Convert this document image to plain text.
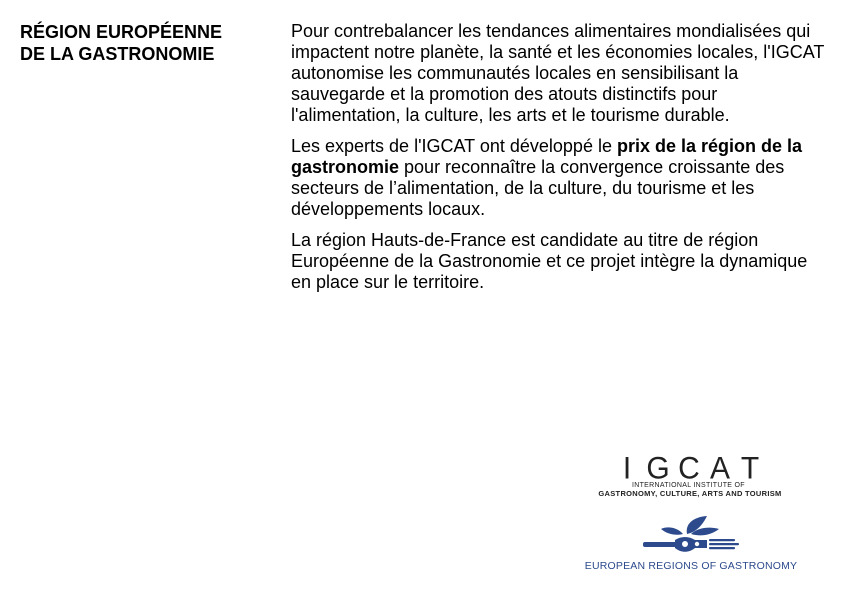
RÉGION EUROPÉENNE
DE LA GASTRONOMIE

Pour contrebalancer les tendances alimentaires mondialisées qui impactent notre planète, la santé et les économies locales, l'IGCAT autonomise les communautés locales en sensibilisant la sauvegarde et la promotion des atouts distinctifs pour l'alimentation, la culture, les arts et le tourisme durable.

Les experts de l'IGCAT ont développé le prix de la région de la gastronomie pour reconnaître la convergence croissante des secteurs de l’alimentation, de la culture, du tourisme et les développements locaux.

La région Hauts-de-France est candidate au titre de région Européenne de la Gastronomie et ce projet intègre la dynamique en place sur le territoire.

I G C A T
INTERNATIONAL INSTITUTE OF
GASTRONOMY, CULTURE, ARTS AND TOURISM
EUROPEAN REGIONS OF GASTRONOMY
